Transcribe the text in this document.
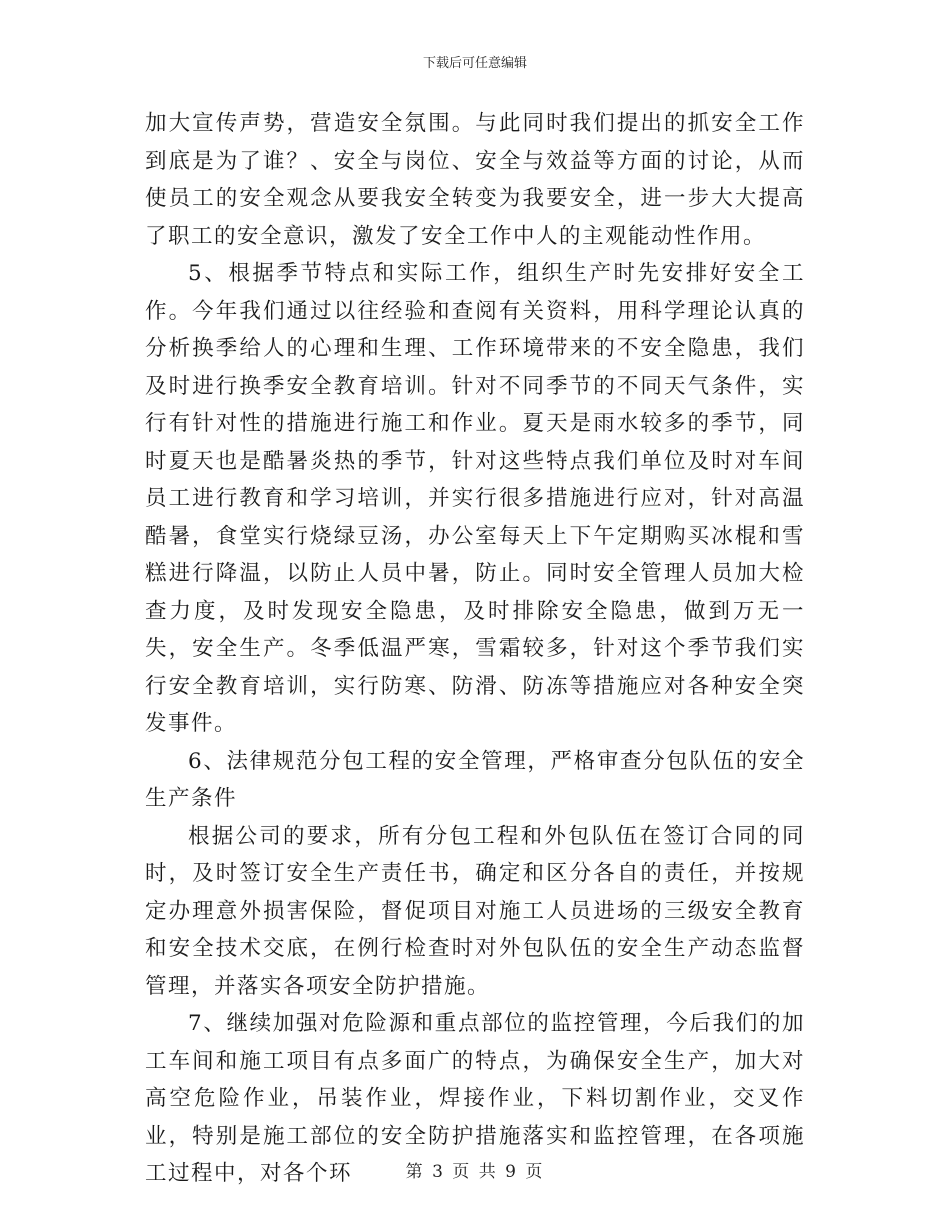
下载后可任意编辑

加大宣传声势，营造安全氛围。与此同时我们提出的抓安全工作到底是为了谁？、安全与岗位、安全与效益等方面的讨论，从而使员工的安全观念从要我安全转变为我要安全，进一步大大提高了职工的安全意识，激发了安全工作中人的主观能动性作用。

5、根据季节特点和实际工作，组织生产时先安排好安全工作。今年我们通过以往经验和查阅有关资料，用科学理论认真的分析换季给人的心理和生理、工作环境带来的不安全隐患，我们及时进行换季安全教育培训。针对不同季节的不同天气条件，实行有针对性的措施进行施工和作业。夏天是雨水较多的季节，同时夏天也是酷暑炎热的季节，针对这些特点我们单位及时对车间员工进行教育和学习培训，并实行很多措施进行应对，针对高温酷暑，食堂实行烧绿豆汤，办公室每天上下午定期购买冰棍和雪糕进行降温，以防止人员中暑，防止。同时安全管理人员加大检查力度，及时发现安全隐患，及时排除安全隐患，做到万无一失，安全生产。冬季低温严寒，雪霜较多，针对这个季节我们实行安全教育培训，实行防寒、防滑、防冻等措施应对各种安全突发事件。

6、法律规范分包工程的安全管理，严格审查分包队伍的安全生产条件

根据公司的要求，所有分包工程和外包队伍在签订合同的同时，及时签订安全生产责任书，确定和区分各自的责任，并按规定办理意外损害保险，督促项目对施工人员进场的三级安全教育和安全技术交底，在例行检查时对外包队伍的安全生产动态监督管理，并落实各项安全防护措施。

7、继续加强对危险源和重点部位的监控管理，今后我们的加工车间和施工项目有点多面广的特点，为确保安全生产，加大对高空危险作业，吊装作业，焊接作业，下料切割作业，交叉作业，特别是施工部位的安全防护措施落实和监控管理，在各项施工过程中，对各个环	第 3 页 共 9 页
